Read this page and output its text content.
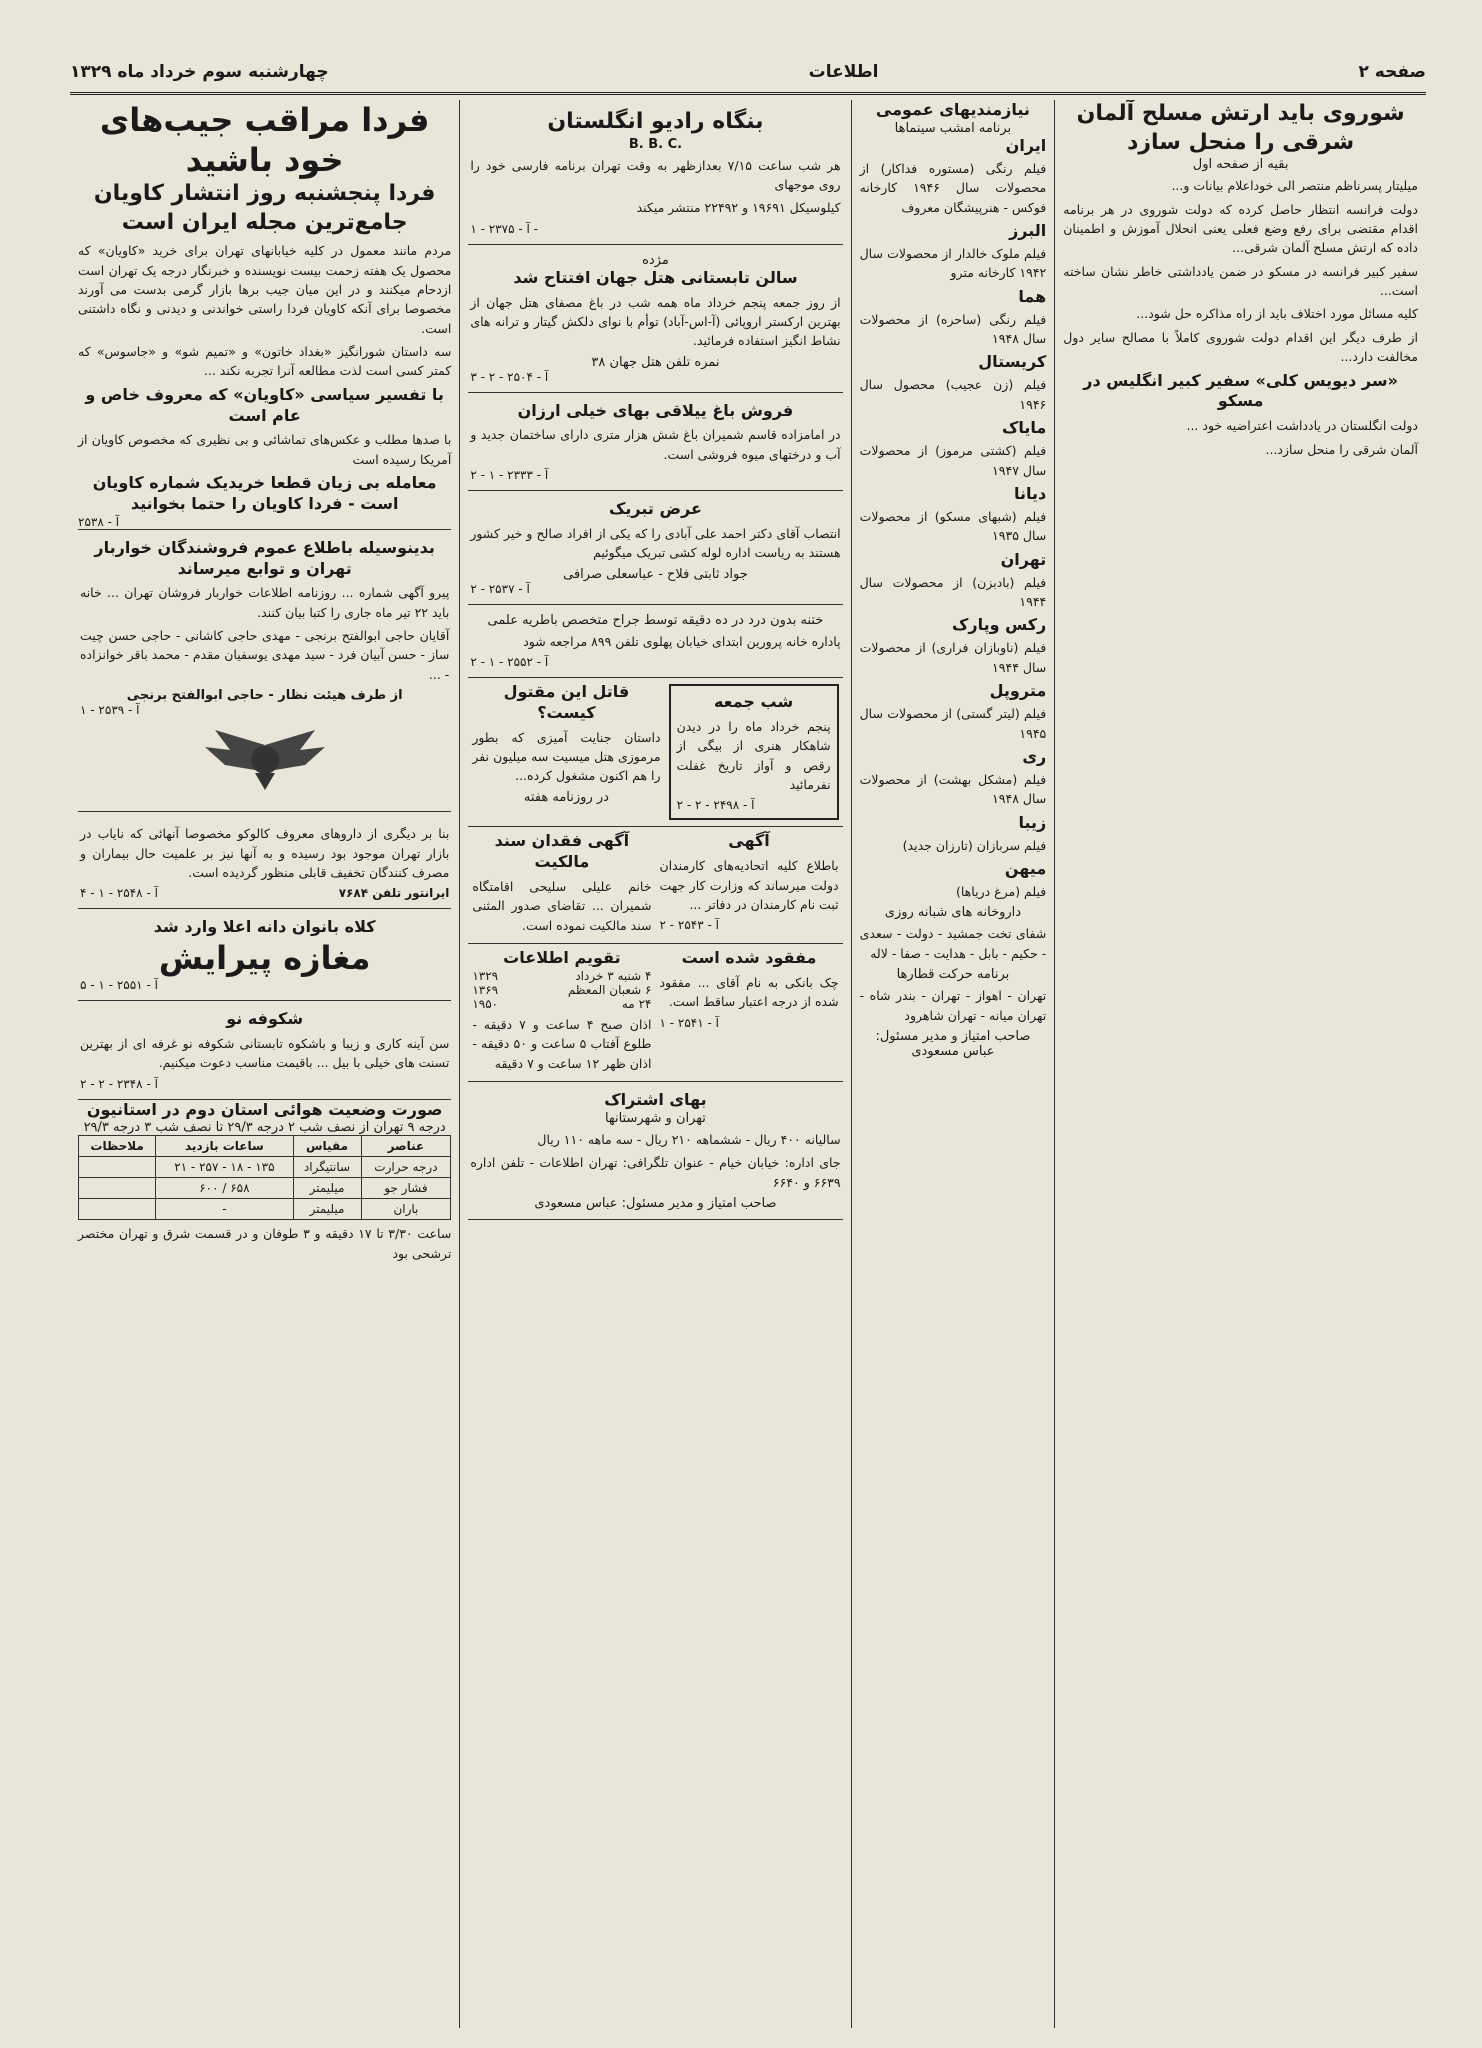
صفحه ۲
اطلاعات
چهارشنبه سوم خرداد ماه ۱۳۲۹
شوروی باید ارتش مسلح آلمان شرقی را منحل سازد
بقیه از صفحه اول

میلیتار پسرناظم منتصر الی خوداعلام بیانات و...

دولت فرانسه انتظار حاصل کرده که دولت شوروی در هر برنامه اقدام مقتضی برای رفع وضع فعلی یعنی انحلال آموزش و اطمینان داده که ارتش مسلح آلمان شرقی...

سفیر کبیر فرانسه در مسکو در ضمن یادداشتی خاطر نشان ساخته است...

کلیه مسائل مورد اختلاف باید از راه مذاکره حل شود...

از طرف دیگر این اقدام دولت شوروی کاملاً با مصالح سایر دول مخالفت دارد...

«سر دیویس کلی» سفیر کبیر انگلیس در مسکو

دولت انگلستان در یادداشت اعتراضیه خود ...

آلمان شرقی را منحل سازد...

نیازمندیهای عمومی
برنامه امشب سینماها
ایران

فیلم رنگی (مستوره فداکار) از محصولات سال ۱۹۴۶ کارخانه فوکس - هنرپیشگان معروف

البرز

فیلم ملوک خالدار از محصولات سال ۱۹۴۲ کارخانه مترو

هما

فیلم رنگی (ساحره) از محصولات سال ۱۹۴۸

کریستال

فیلم (زن عجیب) محصول سال ۱۹۴۶

مایاک

فیلم (کشتی مرموز) از محصولات سال ۱۹۴۷

دیانا

فیلم (شبهای مسکو) از محصولات سال ۱۹۳۵

تهران

فیلم (بادبزن) از محصولات سال ۱۹۴۴

رکس وپارک

فیلم (ناوبازان فراری) از محصولات سال ۱۹۴۴

متروپل

فیلم (لیتر گستی) از محصولات سال ۱۹۴۵

ری

فیلم (مشکل بهشت) از محصولات سال ۱۹۴۸

زیبا

فیلم سربازان (تارزان جدید)

میهن

فیلم (مرغ دریاها)

داروخانه های شبانه روزی

شفای تخت جمشید - دولت - سعدی - حکیم - بابل - هدایت - صفا - لاله

برنامه حرکت قطارها

تهران - اهواز - تهران - بندر شاه - تهران میانه - تهران شاهرود

صاحب امتیاز و مدیر مسئول: عباس مسعودی
بنگاه رادیو انگلستان
B. B. C.

هر شب ساعت ۷/۱۵ بعدازظهر به وقت تهران برنامه فارسی خود را روی موجهای

کیلوسیکل ۱۹۶۹۱ و ۲۲۴۹۲ منتشر میکند

آ - ۲۳۷۵ - ۱ -
مژده
سالن تابستانی هتل جهان افتتاح شد

از روز جمعه پنجم خرداد ماه همه شب در باغ مصفای هتل جهان از بهترین ارکستر اروپائی (آ-اس-آباد) توأم با نوای دلکش گیتار و ترانه های نشاط انگیز استفاده فرمائید.

نمره تلفن هتل جهان ۳۸
آ - ۲۵۰۴ - ۲ - ۳
فروش باغ ییلاقی بهای خیلی ارزان

در امامزاده قاسم شمیران باغ شش هزار متری دارای ساختمان جدید و آب و درختهای میوه فروشی است.

آ - ۲۳۳۳ - ۱ - ۲
عرض تبریک

انتصاب آقای دکتر احمد علی آبادی را که یکی از افراد صالح و خیر کشور هستند به ریاست اداره لوله کشی تبریک میگوئیم

جواد ثابتی فلاح - عباسعلی صرافی
آ - ۲۵۳۷ - ۲
ختنه بدون درد در ده دقیقه توسط جراح متخصص باطریه علمی

پاداره خانه پرورین ابتدای خیابان پهلوی تلفن ۸۹۹ مراجعه شود

آ - ۲۵۵۲ - ۱ - ۲
شب جمعه

پنجم خرداد ماه را در دیدن شاهکار هنری از بیگی از رقص و آواز تاریخ غفلت نفرمائید

آ - ۲۴۹۸ - ۲ - ۲
قاتل این مقتول کیست؟

داستان جنایت آمیزی که بطور مرموزی هتل میسیت سه میلیون نفر را هم اکنون مشغول کرده...

در روزنامه هفته
آگهی

باطلاع کلیه اتحادیه‌های کارمندان دولت میرساند که وزارت کار جهت ثبت نام کارمندان در دفاتر ...

آ - ۲۵۴۳ - ۲
آگهی فقدان سند مالکیت

خانم علیلی سلیحی اقامتگاه شمیران ... تقاضای صدور المثنی سند مالکیت نموده است.

مفقود شده است

چک بانکی به نام آقای ... مفقود شده از درجه اعتبار ساقط است.

آ - ۲۵۴۱ - ۱
تقویم اطلاعات
۴ شنبه ۳ خرداد
۱۳۲۹
۶ شعبان المعظم
۱۳۶۹
۲۴ مه
۱۹۵۰

اذان صبح ۴ ساعت و ۷ دقیقه - طلوع آفتاب ۵ ساعت و ۵۰ دقیقه - اذان ظهر ۱۲ ساعت و ۷ دقیقه

بهای اشتراک
تهران و شهرستانها

سالیانه ۴۰۰ ریال - ششماهه ۲۱۰ ریال - سه ماهه ۱۱۰ ریال

جای اداره: خیابان خیام - عنوان تلگرافی: تهران اطلاعات - تلفن اداره ۶۶۳۹ و ۶۶۴۰

صاحب امتیاز و مدیر مسئول: عباس مسعودی
فردا مراقب جیب‌های خود باشید
فردا پنجشنبه روز انتشار کاویان جامع‌ترین مجله ایران است

مردم مانند معمول در کلیه خیابانهای تهران برای خرید «کاویان» که محصول یک هفته زحمت بیست نویسنده و خبرنگار درجه یک تهران است ازدحام میکنند و در این میان جیب برها بازار گرمی بدست می آورند مخصوصا برای آنکه کاویان فردا راستی خواندنی و دیدنی و نگاه داشتنی است.

سه داستان شورانگیز «بغداد خاتون» و «تمیم شو» و «جاسوس» که کمتر کسی است لذت مطالعه آنرا تجربه نکند ...

با تفسیر سیاسی «کاویان» که معروف خاص و عام است

با صدها مطلب و عکس‌های تماشائی و بی نظیری که مخصوص کاویان از آمریکا رسیده است

معامله بی زیان قطعا خریدیک شماره کاویان است - فردا کاویان را حتما بخوانید
آ - ۲۵۳۸
بدینوسیله باطلاع عموم فروشندگان خواربار تهران و توابع میرساند

پیرو آگهی شماره ... روزنامه اطلاعات خواربار فروشان تهران ... خانه باید ۲۲ تیر ماه جاری را کتبا بیان کنند.

آقایان حاجی ابوالفتح برنجی - مهدی حاجی کاشانی - حاجی حسن چیت ساز - حسن آبیان فرد - سید مهدی یوسفیان مقدم - محمد باقر خوانزاده - ...

از طرف هیئت نظار - حاجی ابوالفتح برنجی
آ - ۲۵۳۹ - ۱

بنا بر دیگری از داروهای معروف کالوکو مخصوصا آنهائی که نایاب در بازار تهران موجود بود رسیده و به آنها نیز بر علمیت حال بیماران و مصرف کنندگان تخفیف قابلی منظور گردیده است.

ایرانتور تلفن ۷۶۸۴
آ - ۲۵۴۸ - ۱ - ۴
کلاه بانوان دانه اعلا وارد شد
مغازه پیرایش
آ - ۲۵۵۱ - ۱ - ۵
شکوفه نو

سن آینه کاری و زیبا و باشکوه تابستانی شکوفه نو غرفه ای از بهترین تسنت های خیلی با بیل ... باقیمت مناسب دعوت میکنیم.

آ - ۲۳۴۸ - ۲ - ۲
صورت وضعیت هوائی استان دوم در استانیون
درجه ۹ تهران از نصف شب ۲ درجه ۲۹/۳ تا نصف شب ۳ درجه ۲۹/۳
عناصر	مقیاس	ساعات بازدید	ملاحظات
درجه حرارت	سانتیگراد	۱۳۵ - ۱۸ - ۲۵۷ - ۲۱	
فشار جو	میلیمتر	۶۵۸ / ۶۰۰	
باران	میلیمتر	-	

ساعت ۳/۳۰ تا ۱۷ دقیقه و ۳ طوفان و در قسمت شرق و تهران مختصر ترشحی بود
